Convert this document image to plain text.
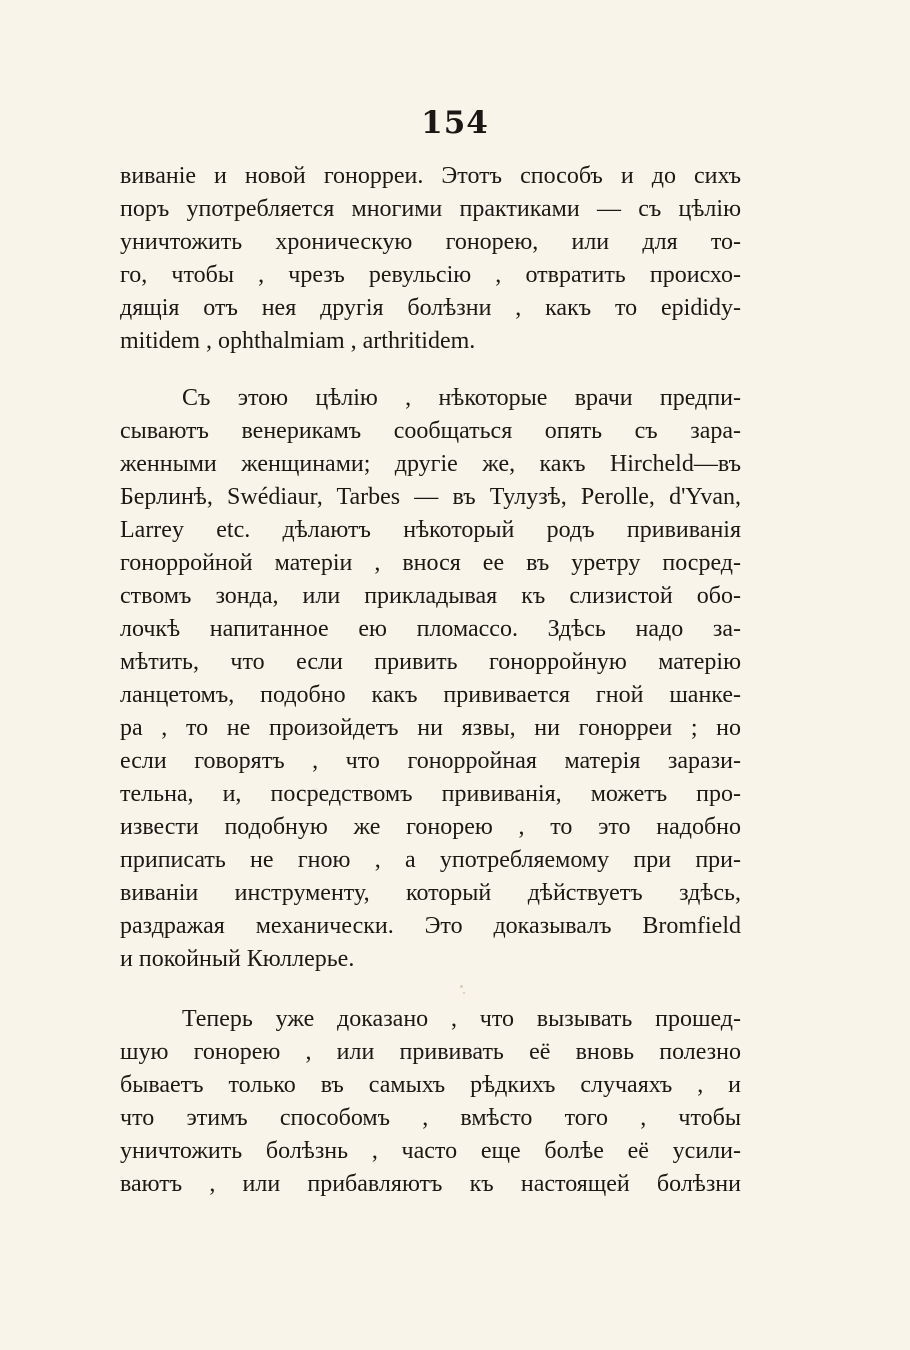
154
виваніе и новой гонорреи. Этотъ способъ и до сихъ
поръ употребляется многими практиками — съ цѣлію
уничтожить хроническую гонорею, или для то-
го, чтобы , чрезъ ревульсію , отвратить происхо-
дящія отъ нея другія болѣзни , какъ то epididy-
mitidem , ophthalmiam , arthritidem.
Съ этою цѣлію , нѣкоторые врачи предпи-
сываютъ венерикамъ сообщаться опять съ зара-
женными женщинами; другіе же, какъ Hirchеld—въ
Берлинѣ, Swédiaur, Tarbes — въ Тулузѣ, Perolle, d'Yvan,
Larrey etc. дѣлаютъ нѣкоторый родъ прививанія
гонорройной матеріи , внося ее въ уретру посред-
ствомъ зонда, или прикладывая къ слизистой обо-
лочкѣ напитанное ею пломассо. Здѣсь надо за-
мѣтить, что если привить гонорройную матерію
ланцетомъ, подобно какъ прививается гной шанке-
ра , то не произойдетъ ни язвы, ни гонорреи ; но
если говорятъ , что гонорройная матерія зарази-
тельна, и, посредствомъ прививанія, можетъ про-
извести подобную же гонорею , то это надобно
приписать не гною , а употребляемому при при-
виваніи инструменту, который дѣйствуетъ здѣсь,
раздражая механически. Это доказывалъ Bromfield
и покойный Кюллерье.
Теперь уже доказано , что вызывать прошед-
шую гонорею , или прививать её вновь полезно
бываетъ только въ самыхъ рѣдкихъ случаяхъ , и
что этимъ способомъ , вмѣсто того , чтобы
уничтожить болѣзнь , часто еще болѣе её усили-
ваютъ , или прибавляютъ къ настоящей болѣзни
